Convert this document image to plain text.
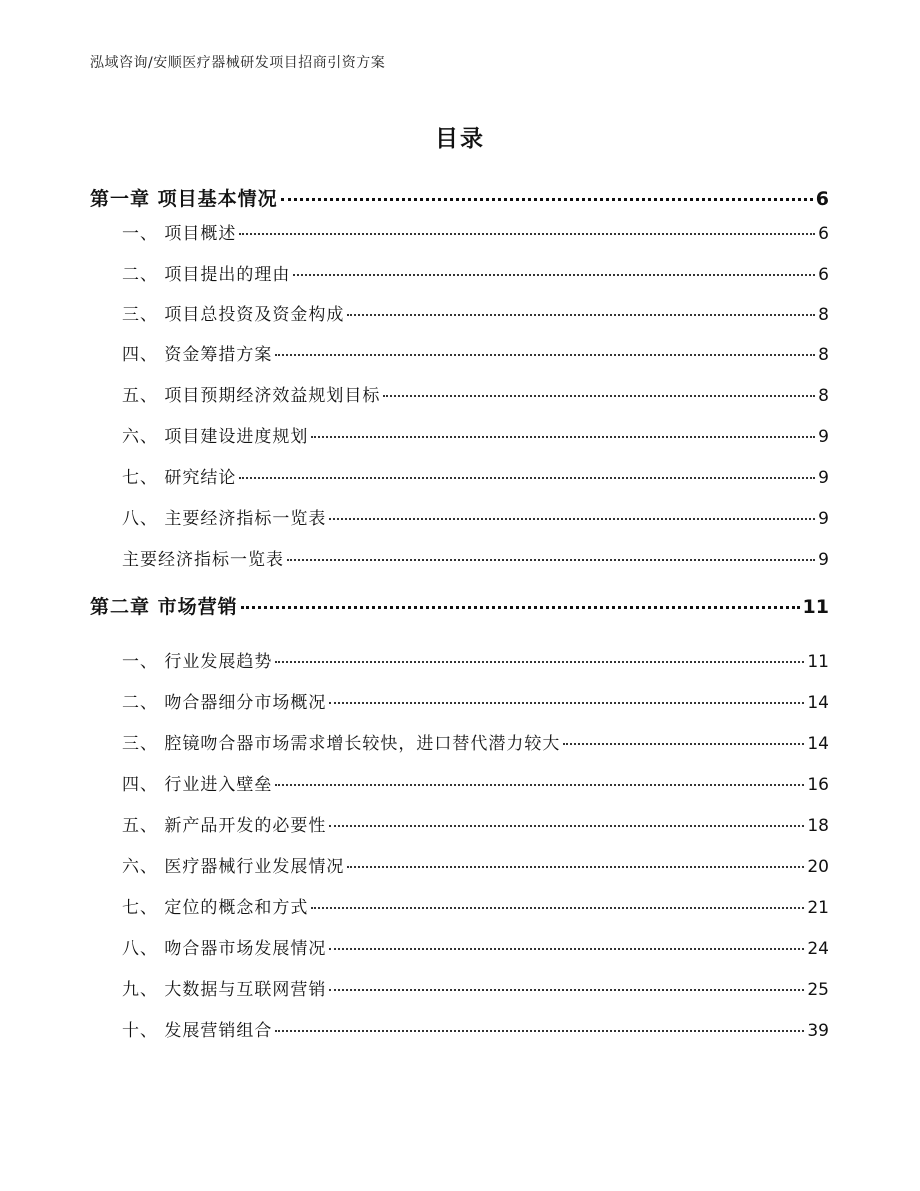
泓域咨询/安顺医疗器械研发项目招商引资方案
目录
第一章 项目基本情况	6
一、 项目概述	6
二、 项目提出的理由	6
三、 项目总投资及资金构成	8
四、 资金筹措方案	8
五、 项目预期经济效益规划目标	8
六、 项目建设进度规划	9
七、 研究结论	9
八、 主要经济指标一览表	9
主要经济指标一览表	9
第二章 市场营销	11
一、 行业发展趋势	11
二、 吻合器细分市场概况	14
三、 腔镜吻合器市场需求增长较快，进口替代潜力较大	14
四、 行业进入壁垒	16
五、 新产品开发的必要性	18
六、 医疗器械行业发展情况	20
七、 定位的概念和方式	21
八、 吻合器市场发展情况	24
九、 大数据与互联网营销	25
十、 发展营销组合	39
